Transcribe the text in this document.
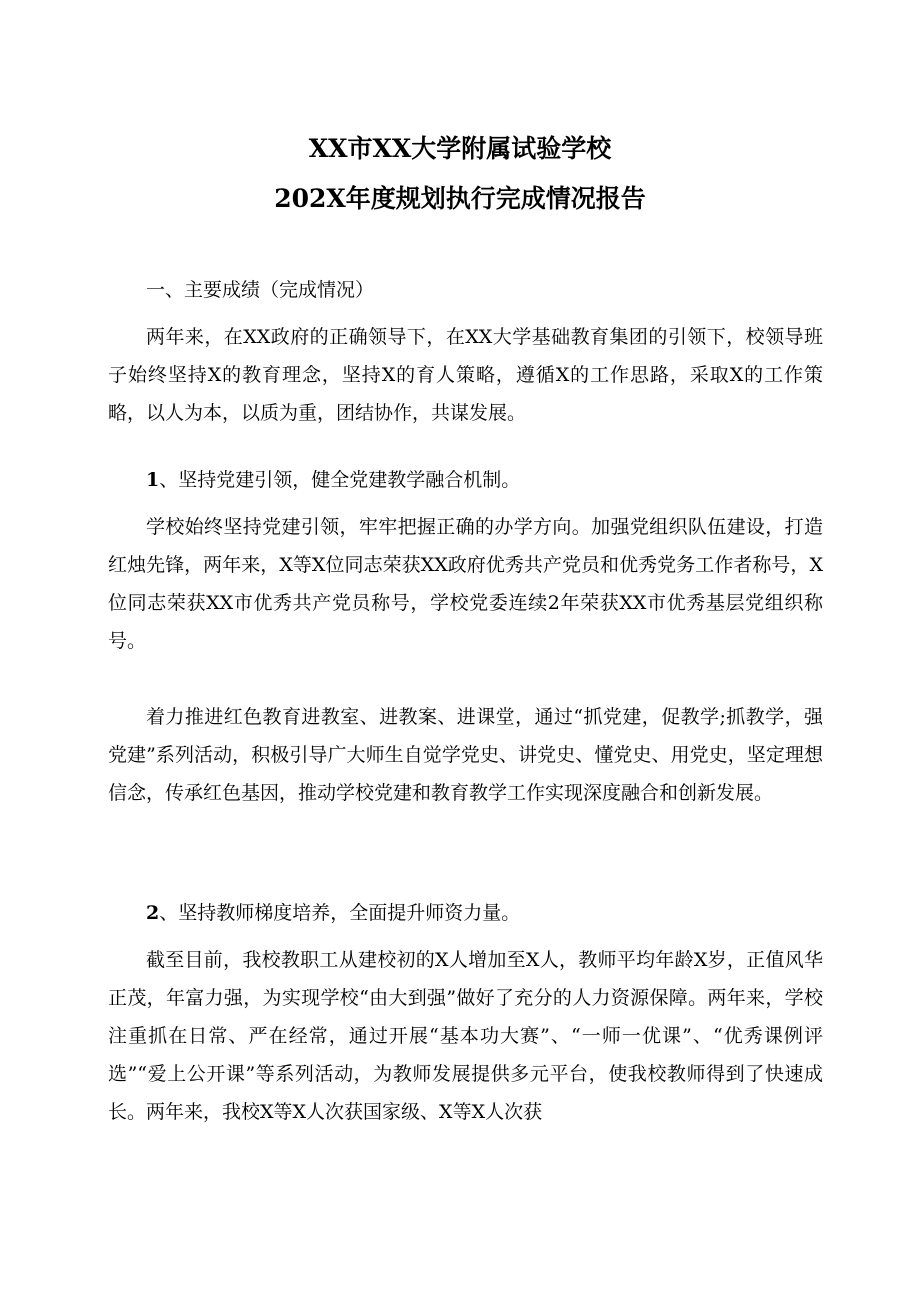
XX市XX大学附属试验学校
202X年度规划执行完成情况报告
一、主要成绩（完成情况）
两年来，在XX政府的正确领导下，在XX大学基础教育集团的引领下，校领导班子始终坚持X的教育理念，坚持X的育人策略，遵循X的工作思路，采取X的工作策略，以人为本，以质为重，团结协作，共谋发展。
1、坚持党建引领，健全党建教学融合机制。
学校始终坚持党建引领，牢牢把握正确的办学方向。加强党组织队伍建设，打造红烛先锋，两年来，X等X位同志荣获XX政府优秀共产党员和优秀党务工作者称号，X位同志荣获XX市优秀共产党员称号，学校党委连续2年荣获XX市优秀基层党组织称号。
着力推进红色教育进教室、进教案、进课堂，通过“抓党建，促教学;抓教学，强党建”系列活动，积极引导广大师生自觉学党史、讲党史、懂党史、用党史，坚定理想信念，传承红色基因，推动学校党建和教育教学工作实现深度融合和创新发展。
2、坚持教师梯度培养，全面提升师资力量。
截至目前，我校教职工从建校初的X人增加至X人，教师平均年龄X岁，正值风华正茂，年富力强，为实现学校“由大到强”做好了充分的人力资源保障。两年来，学校注重抓在日常、严在经常，通过开展“基本功大赛”、“一师一优课”、“优秀课例评选”“爱上公开课”等系列活动，为教师发展提供多元平台，使我校教师得到了快速成长。两年来，我校X等X人次获国家级、X等X人次获
